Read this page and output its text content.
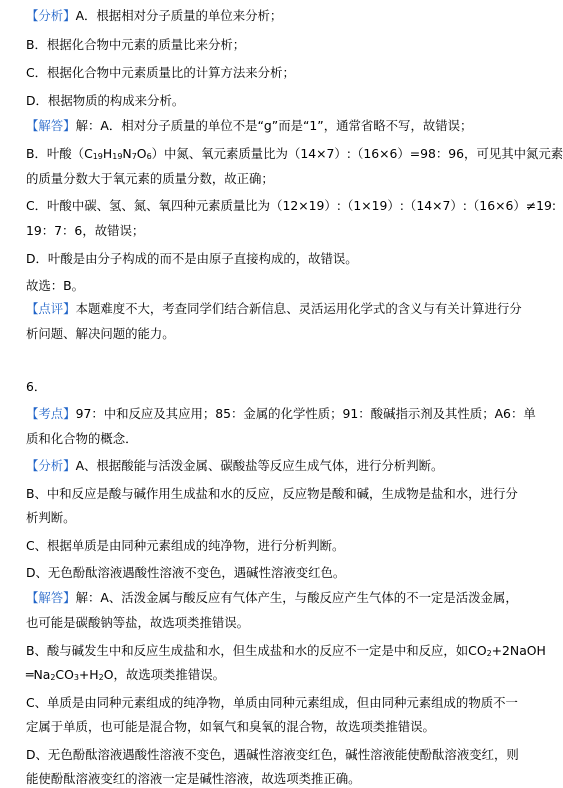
【分析】A．根据相对分子质量的单位来分析；
B．根据化合物中元素的质量比来分析；
C．根据化合物中元素质量比的计算方法来分析；
D．根据物质的构成来分析。
【解答】解：A．相对分子质量的单位不是“g”而是“1”，通常省略不写，故错误；
B．叶酸（C19H19N7O6）中氮、氧元素质量比为（14×7）:（16×6）=98：96，可见其中氮元素
的质量分数大于氧元素的质量分数，故正确；
C．叶酸中碳、氢、氮、氧四种元素质量比为（12×19）:（1×19）:（14×7）:（16×6）≠19:
19：7：6，故错误；
D．叶酸是由分子构成的而不是由原子直接构成的，故错误。
故选：B。
【点评】本题难度不大，考查同学们结合新信息、灵活运用化学式的含义与有关计算进行分
析问题、解决问题的能力。
6．
【考点】97：中和反应及其应用；85：金属的化学性质；91：酸碱指示剂及其性质；A6：单
质和化合物的概念．
【分析】A、根据酸能与活泼金属、碳酸盐等反应生成气体，进行分析判断。
B、中和反应是酸与碱作用生成盐和水的反应，反应物是酸和碱，生成物是盐和水，进行分
析判断。
C、根据单质是由同种元素组成的纯净物，进行分析判断。
D、无色酚酞溶液遇酸性溶液不变色，遇碱性溶液变红色。
【解答】解：A、活泼金属与酸反应有气体产生，与酸反应产生气体的不一定是活泼金属，
也可能是碳酸钠等盐，故选项类推错误。
B、酸与碱发生中和反应生成盐和水，但生成盐和水的反应不一定是中和反应，如CO2+2NaOH
═Na2CO3+H2O，故选项类推错误。
C、单质是由同种元素组成的纯净物，单质由同种元素组成，但由同种元素组成的物质不一
定属于单质，也可能是混合物，如氧气和臭氧的混合物，故选项类推错误。
D、无色酚酞溶液遇酸性溶液不变色，遇碱性溶液变红色，碱性溶液能使酚酞溶液变红，则
能使酚酞溶液变红的溶液一定是碱性溶液，故选项类推正确。
